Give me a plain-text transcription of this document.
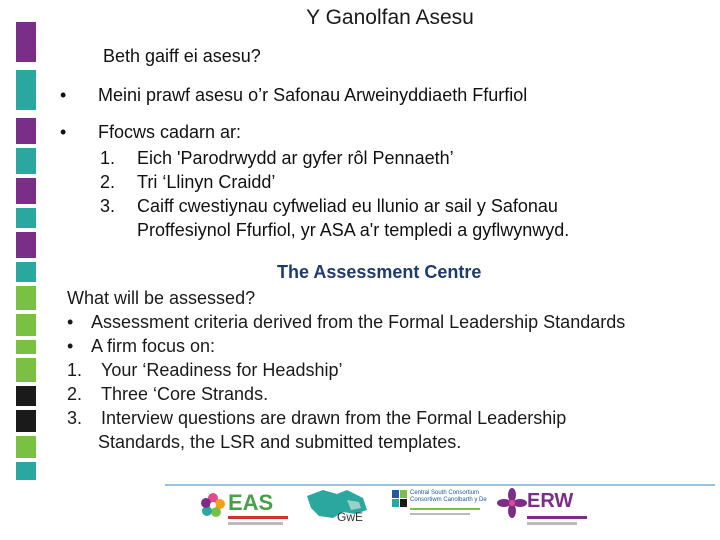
Y Ganolfan Asesu
Beth gaiff ei asesu?
• Meini prawf asesu o’r Safonau Arweinyddiaeth Ffurfiol
• Ffocws cadarn ar:
1. Eich 'Parodrwydd ar gyfer rôl Pennaeth’
2. Tri ‘Llinyn Craidd’
3. Caiff cwestiynau cyfweliad eu llunio ar sail y Safonau Proffesiynol Ffurfiol, yr ASA a'r templedi a gyflwynwyd.
The Assessment Centre
What will be assessed?
• Assessment criteria derived from the Formal Leadership Standards
• A firm focus on:
1. Your ‘Readiness for Headship’
2. Three ‘Core Strands.
3. Interview questions are drawn from the Formal Leadership
Standards, the LSR and submitted templates.
EAS
GwE
Central South Consortium Consortiwm Canolbarth y De ERW
